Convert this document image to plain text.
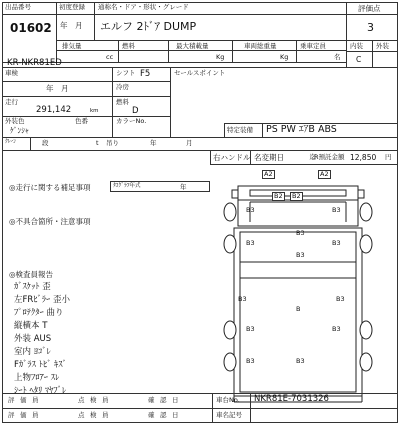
出品番号	初度登録 通称名・ドア・形状・グレード
01602 年　月 エルフ 2ﾄﾞｱ DUMP
評価点
3
内装 外装
C
排気量	燃料	最大積載量	車両総重量	乗車定員
cc	Kg	Kg	名
KR-NKR81ED
車検
年　月
走行
291,142	km
外装色	色番
ｹﾞﾝｼｬ
シフト F5
冷房
燃料
D
カラーNo.
セールスポイント
ｸﾚｰﾝ	段	t 吊り	年	月
特定装備 PS PW ｴｱB ABS
右ハンドル 名変期日 　　　迄
R預託金額 12,850 円
◎走行に関する補足事項	ﾀｺｸﾞﾗﾌ年式	年
◎不具合箇所・注意事項
◎検査員報告
ｶﾞｽｹｯﾄ 歪
左FRﾋﾞﾗｰ 歪小
ﾌﾟﾛﾃｸﾀｰ 曲り
縦横本 T
外装 AUS
室内 ﾖｺﾞﾚ
Fｶﾞﾗｽ ﾄﾋﾞ ｷｽﾞ
上物ﾌﾛｱｰ ｽﾚ
ｼｰﾄ ﾍﾀﾘ ﾏﾔﾌﾞﾚ
A2	A2
B2	B2
B3	B3
B3
B3	B3
B3
B3	B3
B
B3	B3
B3	B3
評 価 員	点 検 員	確 認 日
評 価 員	点 検 員	確 認 日
車台No. NKR81E-7031326
車名記号
